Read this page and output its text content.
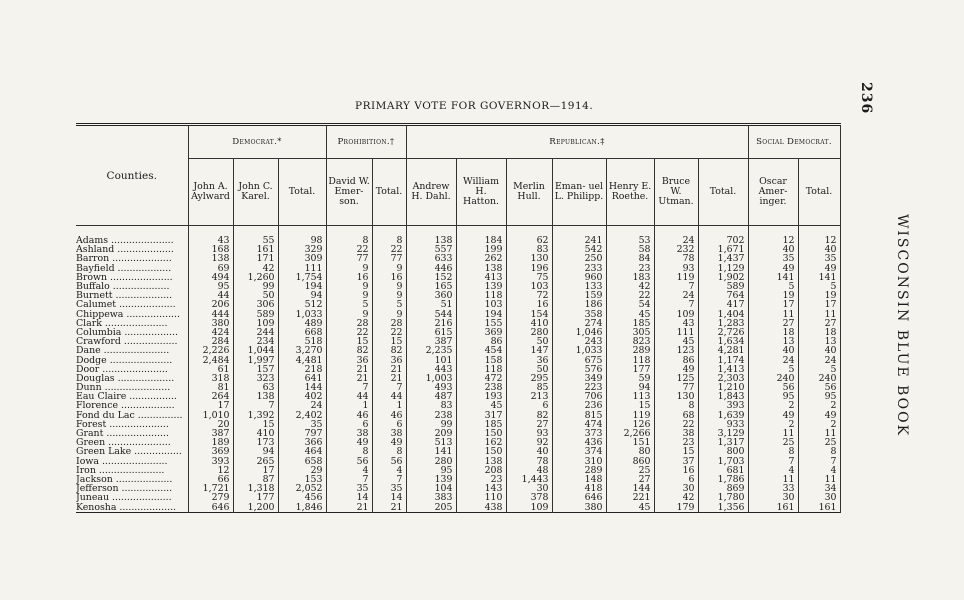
236
WISCONSIN BLUE BOOK
PRIMARY VOTE FOR GOVERNOR—1914.
Counties.	Democrat.*			Prohibition.†		Republican.‡							Social Democrat.	
	John A. Aylward	John C. Karel.	Total.	David W. Emer- son.	Total.	Andrew H. Dahl.	William H. Hatton.	Merlin Hull.	Eman- uel L. Philipp.	Henry E. Roethe.	Bruce W. Utman.	Total.	Oscar Amer- inger.	Total.
Adams .....................	43	55	98	8	8	138	184	62	241	53	24	702	12	12
Ashland ...................	168	161	329	22	22	557	199	83	542	58	232	1,671	40	40
Barron ....................	138	171	309	77	77	633	262	130	250	84	78	1,437	35	35
Bayfield ..................	69	42	111	9	9	446	138	196	233	23	93	1,129	49	49
Brown .....................	494	1,260	1,754	16	16	152	413	75	960	183	119	1,902	141	141
Buffalo ...................	95	99	194	9	9	165	139	103	133	42	7	589	5	5
Burnett ...................	44	50	94	9	9	360	118	72	159	22	24	764	19	19
Calumet ...................	206	306	512	5	5	51	103	16	186	54	7	417	17	17
Chippewa ..................	444	589	1,033	9	9	544	194	154	358	45	109	1,404	11	11
Clark .....................	380	109	489	28	28	216	155	410	274	185	43	1,283	27	27
Columbia ..................	424	244	668	22	22	615	369	280	1,046	305	111	2,726	18	18
Crawford ..................	284	234	518	15	15	387	86	50	243	823	45	1,634	13	13
Dane ......................	2,226	1,044	3,270	82	82	2,235	454	147	1,033	289	123	4,281	40	40
Dodge .....................	2,484	1,997	4,481	36	36	101	158	36	675	118	86	1,174	24	24
Door ......................	61	157	218	21	21	443	118	50	576	177	49	1,413	5	5
Douglas ...................	318	323	641	21	21	1,003	472	295	349	59	125	2,303	240	240
Dunn ......................	81	63	144	7	7	493	238	85	223	94	77	1,210	56	56
Eau Claire ................	264	138	402	44	44	487	193	213	706	113	130	1,843	95	95
Florence ..................	17	7	24	1	1	83	45	6	236	15	8	393	2	2
Fond du Lac ...............	1,010	1,392	2,402	46	46	238	317	82	815	119	68	1,639	49	49
Forest ....................	20	15	35	6	6	99	185	27	474	126	22	933	2	2
Grant .....................	387	410	797	38	38	209	150	93	373	2,266	38	3,129	11	11
Green .....................	189	173	366	49	49	513	162	92	436	151	23	1,317	25	25
Green Lake ................	369	94	464	8	8	141	150	40	374	80	15	800	8	8
Iowa ......................	393	265	658	56	56	280	138	78	310	860	37	1,703	7	7
Iron ......................	12	17	29	4	4	95	208	48	289	25	16	681	4	4
Jackson ...................	66	87	153	7	7	139	23	1,443	148	27	6	1,786	11	11
Jefferson .................	1,721	1,318	2,052	35	35	104	143	30	418	144	30	869	33	34
Juneau ....................	279	177	456	14	14	383	110	378	646	221	42	1,780	30	30
Kenosha ...................	646	1,200	1,846	21	21	205	438	109	380	45	179	1,356	161	161
